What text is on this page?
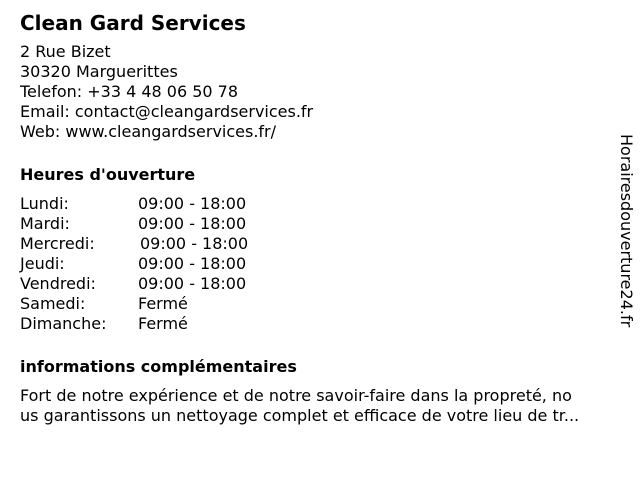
Clean Gard Services
2 Rue Bizet
30320 Marguerittes
Telefon: +33 4 48 06 50 78
Email: contact@cleangardservices.fr
Web: www.cleangardservices.fr/
Heures d'ouverture
Lundi:	09:00 - 18:00
Mardi:	09:00 - 18:00
Mercredi:	09:00 - 18:00
Jeudi:	09:00 - 18:00
Vendredi:	09:00 - 18:00
Samedi:	Fermé
Dimanche:	Fermé
informations complémentaires
Fort de notre expérience et de notre savoir-faire dans la propreté, no
us garantissons un nettoyage complet et efficace de votre lieu de tr...
Horairesdouverture24.fr
